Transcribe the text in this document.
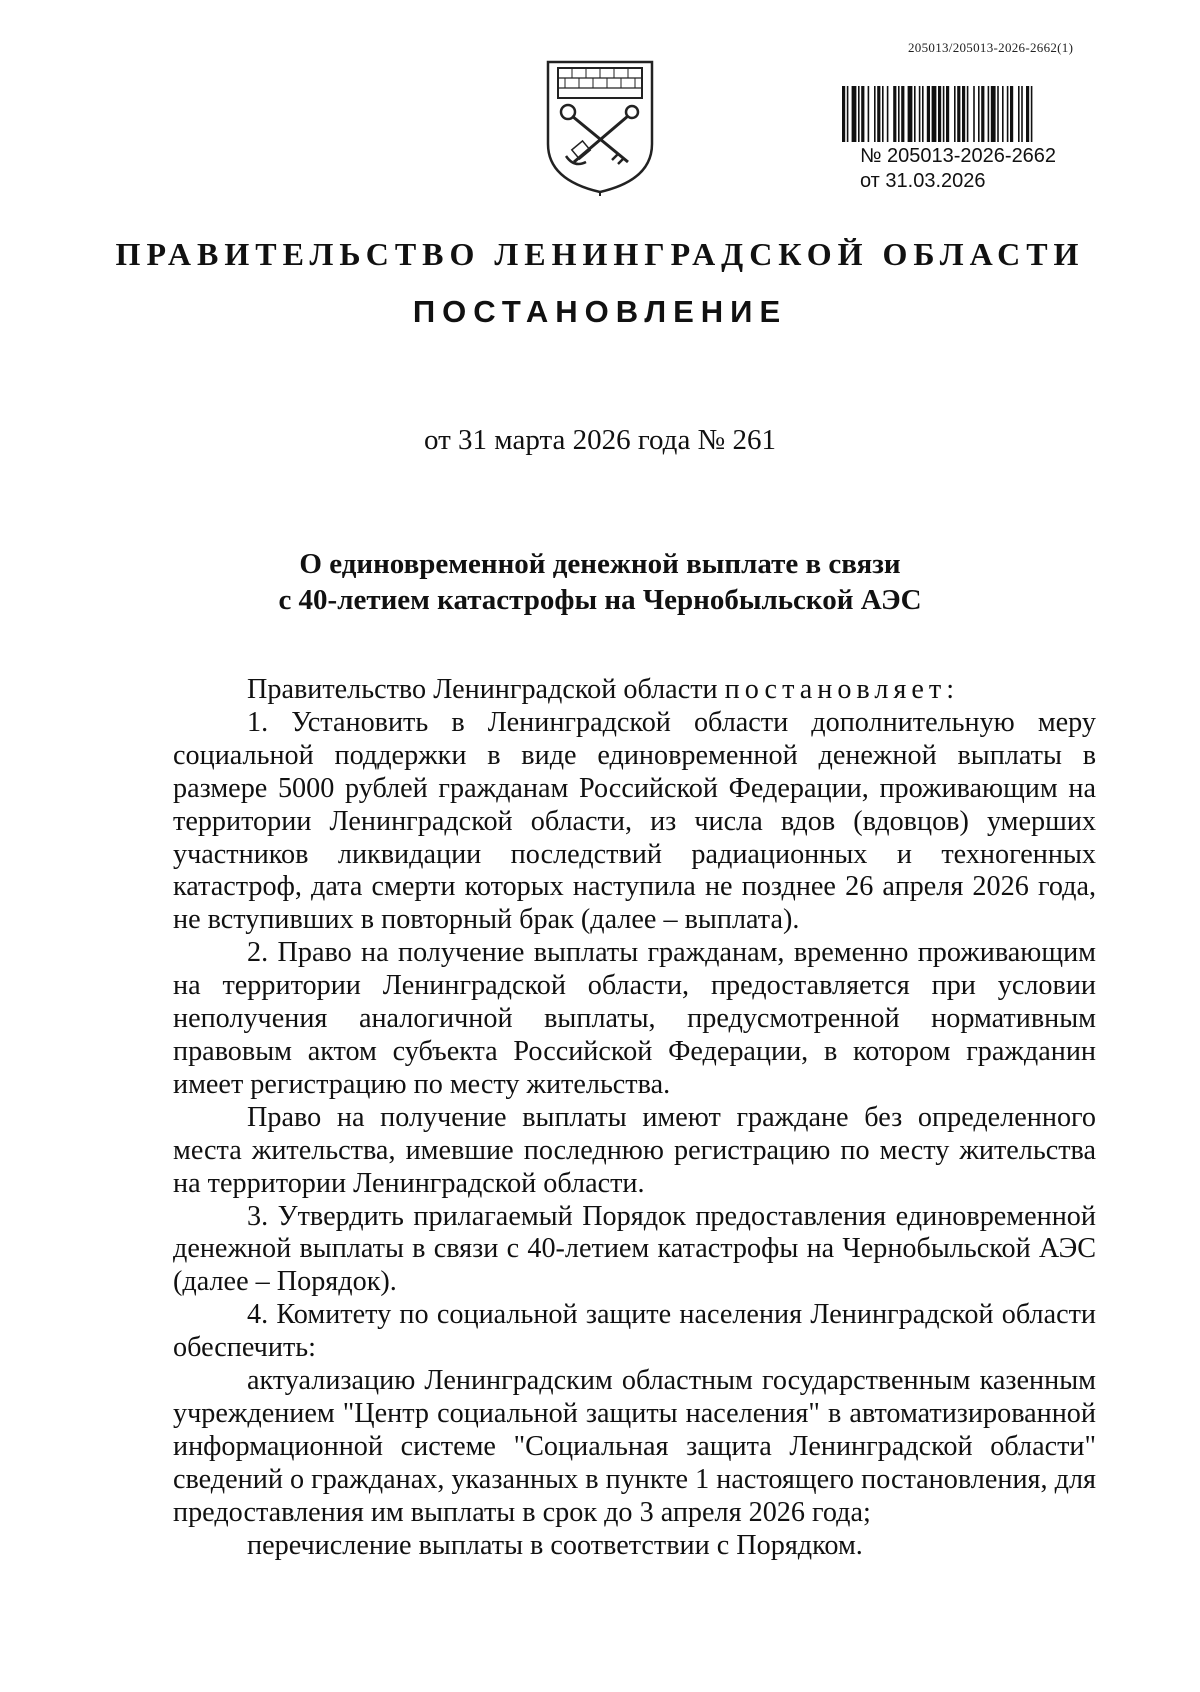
205013/205013-2026-2662(1)
№ 205013-2026-2662
от 31.03.2026
ПРАВИТЕЛЬСТВО ЛЕНИНГРАДСКОЙ ОБЛАСТИ
ПОСТАНОВЛЕНИЕ
от 31 марта 2026 года № 261
О единовременной денежной выплате в связи
с 40-летием катастрофы на Чернобыльской АЭС

Правительство Ленинградской области постановляет:

1. Установить в Ленинградской области дополнительную меру социальной поддержки в виде единовременной денежной выплаты в размере 5000 рублей гражданам Российской Федерации, проживающим на территории Ленинградской области, из числа вдов (вдовцов) умерших участников ликвидации последствий радиационных и техногенных катастроф, дата смерти которых наступила не позднее 26 апреля 2026 года, не вступивших в повторный брак (далее – выплата).

2. Право на получение выплаты гражданам, временно проживающим на территории Ленинградской области, предоставляется при условии неполучения аналогичной выплаты, предусмотренной нормативным правовым актом субъекта Российской Федерации, в котором гражданин имеет регистрацию по месту жительства.

Право на получение выплаты имеют граждане без определенного места жительства, имевшие последнюю регистрацию по месту жительства на территории Ленинградской области.

3. Утвердить прилагаемый Порядок предоставления единовременной денежной выплаты в связи с 40-летием катастрофы на Чернобыльской АЭС (далее – Порядок).

4. Комитету по социальной защите населения Ленинградской области обеспечить:

актуализацию Ленинградским областным государственным казенным учреждением "Центр социальной защиты населения" в автоматизированной информационной системе "Социальная защита Ленинградской области" сведений о гражданах, указанных в пункте 1 настоящего постановления, для предоставления им выплаты в срок до 3 апреля 2026 года;

перечисление выплаты в соответствии с Порядком.
